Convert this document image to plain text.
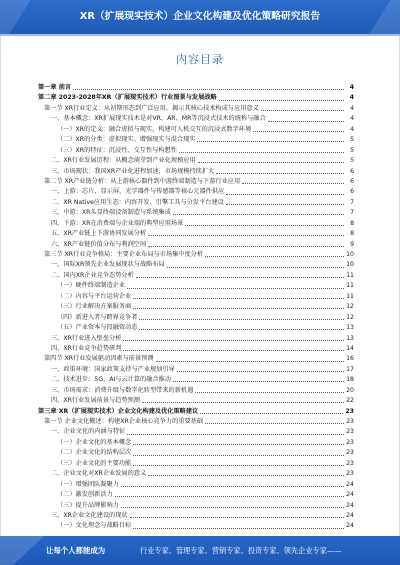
XR（扩展现实技术）企业文化构建及优化策略研究报告
内容目录
第一章 前言	4
第二章 2023-2028年XR（扩展现实技术）行业图景与发展战略	4
第一节 XR行业定义：从初期形态到广泛应用，揭示其核心技术构成与应用意义	4
一、基本概念：XR扩展现实技术是对VR、AR、MR等沉浸式技术的统称与融合	4
（一）XR的定义：融合虚拟与现实，构建可人机交互的沉浸式数字环境	4
（二）XR的分类：虚拟现实、增强现实与混合现实	5
（三）XR的特征：沉浸性、交互性与构想性	5
二、XR行业发展历程：从概念萌芽到产业化规模应用	5
三、市场现状：我国XR产业化进程加速，市场规模持续扩大	6
第二节 XR产业链分析：从上游核心器件到中游终端制造与下游行业应用	6
一、上游：芯片、显示屏、光学器件与传感器等核心元器件供应	6
二、XR Native应用生态：内容开发、引擎工具与分发平台建设	7
三、中游：XR头显终端设备制造与系统集成	7
四、下游：XR在消费端与企业端的典型应用场景	8
五、XR产业链上下游协同发展分析	8
六、XR产业链价值分布与利润空间	9
第三节 XR行业竞争格局：主要企业布局与市场集中度分析	10
一、国际XR领先企业发展现状与战略布局	10
二、国内XR企业竞争态势分析	11
（一）硬件终端制造企业	11
（二）内容与平台运营企业	11
（三）行业解决方案服务商	12
（四）新进入者与跨界竞争者	12
（五）产业资本与投融资动态	13
三、XR行业进入壁垒分析	13
四、XR行业竞争趋势研判	14
第四节 XR行业发展驱动因素与前景预测	16
一、政策环境：国家政策支持与产业规划引导	17
二、技术进步：5G、AI与云计算的融合推动	18
三、市场需求：消费升级与数字化转型带来的新机遇	20
四、XR行业发展前景与趋势预测	22
第三章 XR（扩展现实技术）企业文化构建及优化策略建议	23
第一节 企业文化概述：构建XR企业核心竞争力的重要基础	23
一、企业文化的内涵与特征	23
（一）企业文化的基本概念	23
（二）企业文化的结构层次	23
（三）企业文化的主要功能	23
二、企业文化对XR企业发展的意义	23
（一）增强团队凝聚力	24
（二）激发创新活力	24
（三）提升品牌影响力	24
三、XR企业文化建设的现状	24
（一）文化理念与战略目标	24
让每个人都能成为	行业专家、管理专家、营销专家、投资专家、领先企业专家——
